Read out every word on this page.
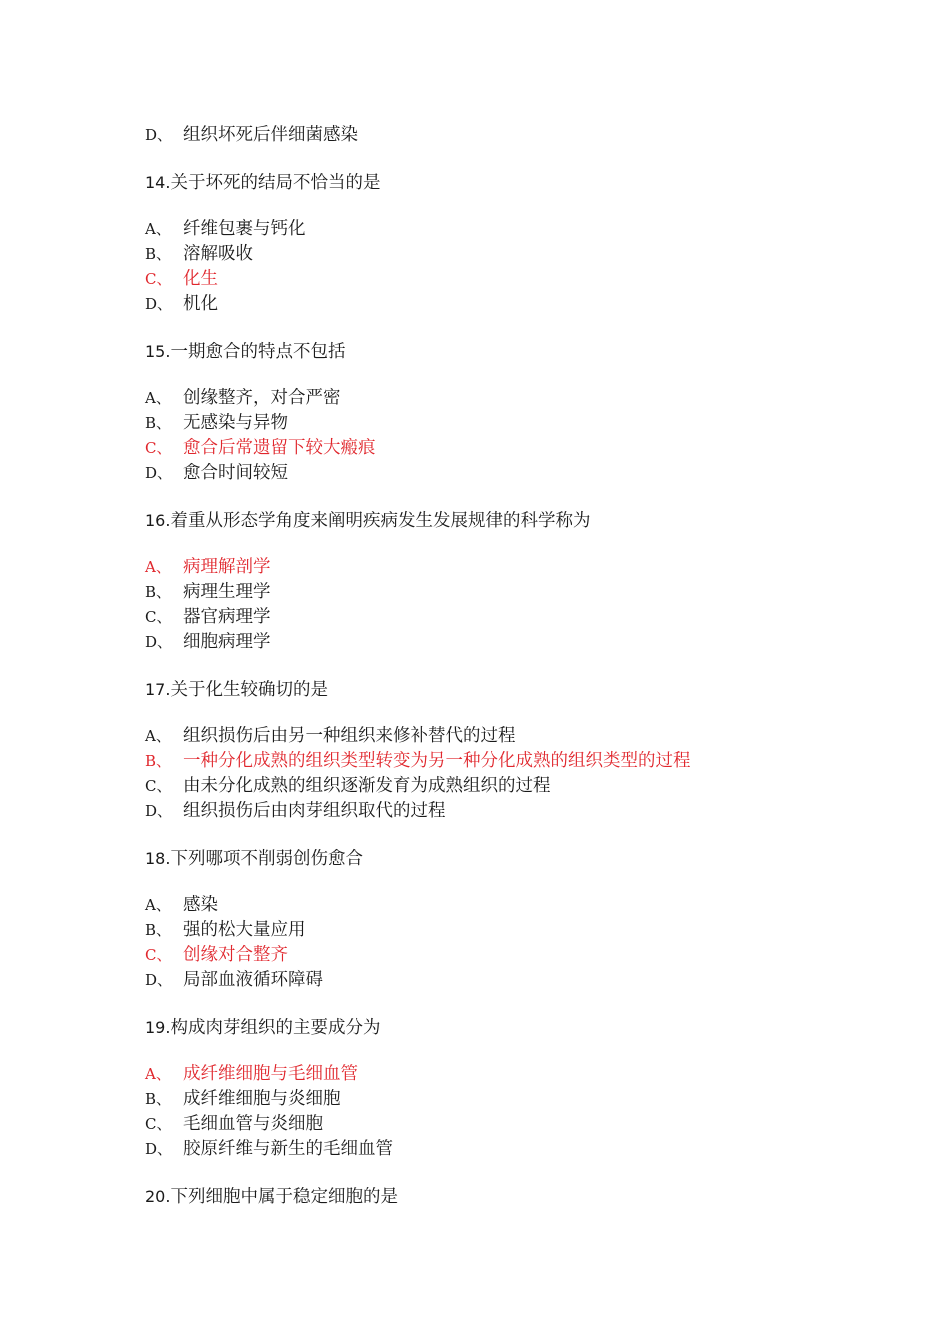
D、 组织坏死后伴细菌感染
14.关于坏死的结局不恰当的是
A、 纤维包裹与钙化
B、 溶解吸收
C、 化生
D、 机化
15.一期愈合的特点不包括
A、 创缘整齐，对合严密
B、 无感染与异物
C、 愈合后常遗留下较大瘢痕
D、 愈合时间较短
16.着重从形态学角度来阐明疾病发生发展规律的科学称为
A、 病理解剖学
B、 病理生理学
C、 器官病理学
D、 细胞病理学
17.关于化生较确切的是
A、 组织损伤后由另一种组织来修补替代的过程
B、 一种分化成熟的组织类型转变为另一种分化成熟的组织类型的过程
C、 由未分化成熟的组织逐渐发育为成熟组织的过程
D、 组织损伤后由肉芽组织取代的过程
18.下列哪项不削弱创伤愈合
A、 感染
B、 强的松大量应用
C、 创缘对合整齐
D、 局部血液循环障碍
19.构成肉芽组织的主要成分为
A、 成纤维细胞与毛细血管
B、 成纤维细胞与炎细胞
C、 毛细血管与炎细胞
D、 胶原纤维与新生的毛细血管
20.下列细胞中属于稳定细胞的是
